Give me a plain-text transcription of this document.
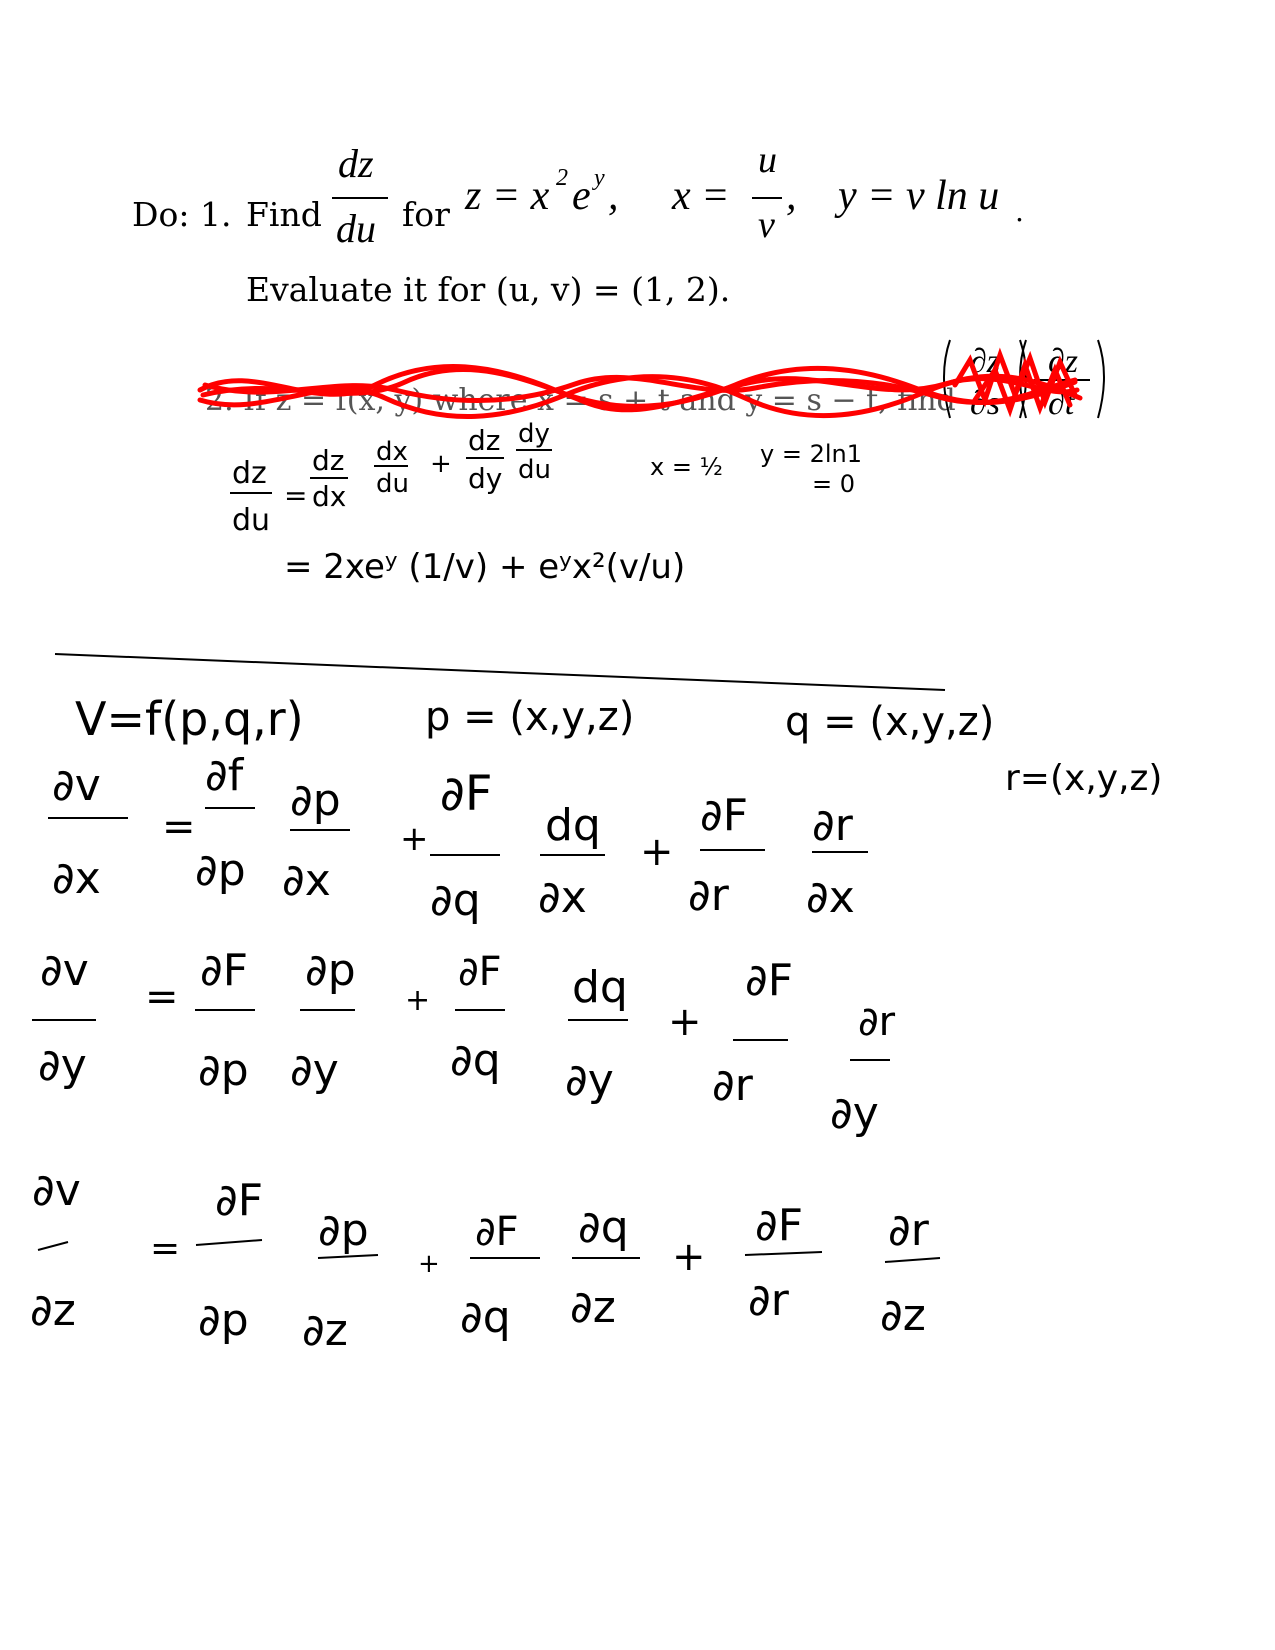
Do: 1. Find
dz
du for z = x 2 e y , x =
u
v
, y = v ln u .
Evaluate it for (u, v) = (1, 2).
2. If z = f(x, y) where x = s + t and y = s − t, find
∂z ∂z
∂s ∂t
dz
du
=
dz
dx
dx
du
+
dz
dy
dy
du	x = ½ y = 2ln1
= 0
= 2xeʸ (1/v) + eʸx²(v/u)
V=f(p,q,r)	p = (x,y,z)	q = (x,y,z)
r=(x,y,z)
∂v
∂x
=
∂f
∂p
∂p
∂x
+
∂F
∂q
dq
∂x
+
∂F
∂r
∂r
∂x
∂v
∂y
=
∂F
∂p
∂p
∂y
+
∂F
∂q
dq
∂y
+
∂F
∂r
∂r
∂y
∂v
∂z
=
∂F
∂p
∂p
∂z
+
∂F
∂q
∂q
∂z
+
∂F
∂r
∂r
∂z
